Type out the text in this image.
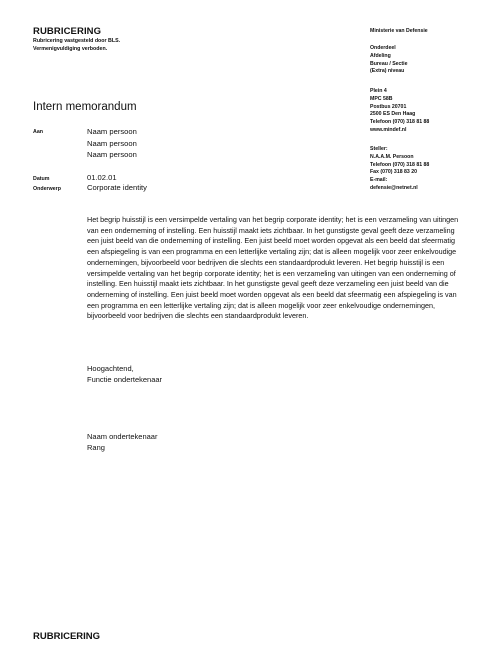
RUBRICERING
Rubricering vastgesteld door BLS.
Vermenigvuldiging verboden.
Ministerie van Defensie
Onderdeel
Afdeling
Bureau / Sectie
(Extra) niveau
Plein 4
MPC 58B
Postbus 20701
2500 ES Den Haag
Telefoon (070) 318 81 88
www.mindef.nl
Steller:
N.A.A.M. Persoon
Telefoon (070) 318 81 88
Fax (070) 318 83 20
E-mail:
defensie@netnet.nl
Intern memorandum
Aan	Naam persoon
Naam persoon
Naam persoon
Datum	01.02.01
Onderwerp	Corporate identity
Het begrip huisstijl is een versimpelde vertaling van het begrip corporate identity; het is een verzameling van uitingen van een onderneming of instelling. Een huisstijl maakt iets zichtbaar. In het gunstigste geval geeft deze verzameling een juist beeld van die onderneming of instelling. Een juist beeld moet worden opgevat als een beeld dat sfeermatig een afspiegeling is van een programma en een letterlijke vertaling zijn; dat is alleen mogelijk voor zeer enkelvoudige ondernemingen, bijvoorbeeld voor bedrijven die slechts een standaardprodukt leveren. Het begrip huisstijl is een versimpelde vertaling van het begrip corporate identity; het is een verzameling van uitingen van een onderneming of instelling. Een huisstijl maakt iets zichtbaar. In het gunstigste geval geeft deze verzameling een juist beeld van die onderneming of instelling. Een juist beeld moet worden opgevat als een beeld dat sfeermatig een afspiegeling is van een programma en een letterlijke vertaling zijn; dat is alleen mogelijk voor zeer enkelvoudige ondernemingen, bijvoorbeeld voor bedrijven die slechts een standaardprodukt leveren.
Hoogachtend,
Functie ondertekenaar
Naam ondertekenaar
Rang
RUBRICERING
